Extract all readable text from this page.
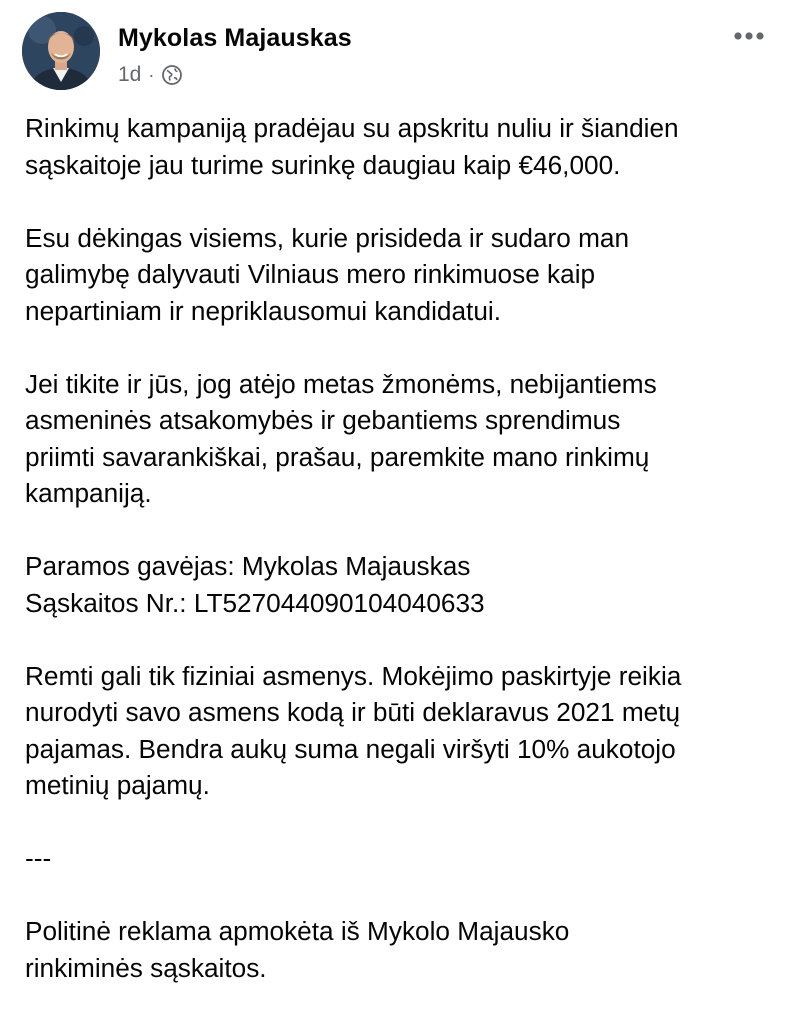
Mykolas Majauskas
1d ·

Rinkimų kampaniją pradėjau su apskritu nuliu ir šiandien
sąskaitoje jau turime surinkę daugiau kaip €46,000.

Esu dėkingas visiems, kurie prisideda ir sudaro man
galimybę dalyvauti Vilniaus mero rinkimuose kaip
nepartiniam ir nepriklausomui kandidatui.

Jei tikite ir jūs, jog atėjo metas žmonėms, nebijantiems
asmeninės atsakomybės ir gebantiems sprendimus
priimti savarankiškai, prašau, paremkite mano rinkimų
kampaniją.

Paramos gavėjas: Mykolas Majauskas
Sąskaitos Nr.: LT527044090104040633

Remti gali tik fiziniai asmenys. Mokėjimo paskirtyje reikia
nurodyti savo asmens kodą ir būti deklaravus 2021 metų
pajamas. Bendra aukų suma negali viršyti 10% aukotojo
metinių pajamų.

---

Politinė reklama apmokėta iš Mykolo Majausko
rinkiminės sąskaitos.
